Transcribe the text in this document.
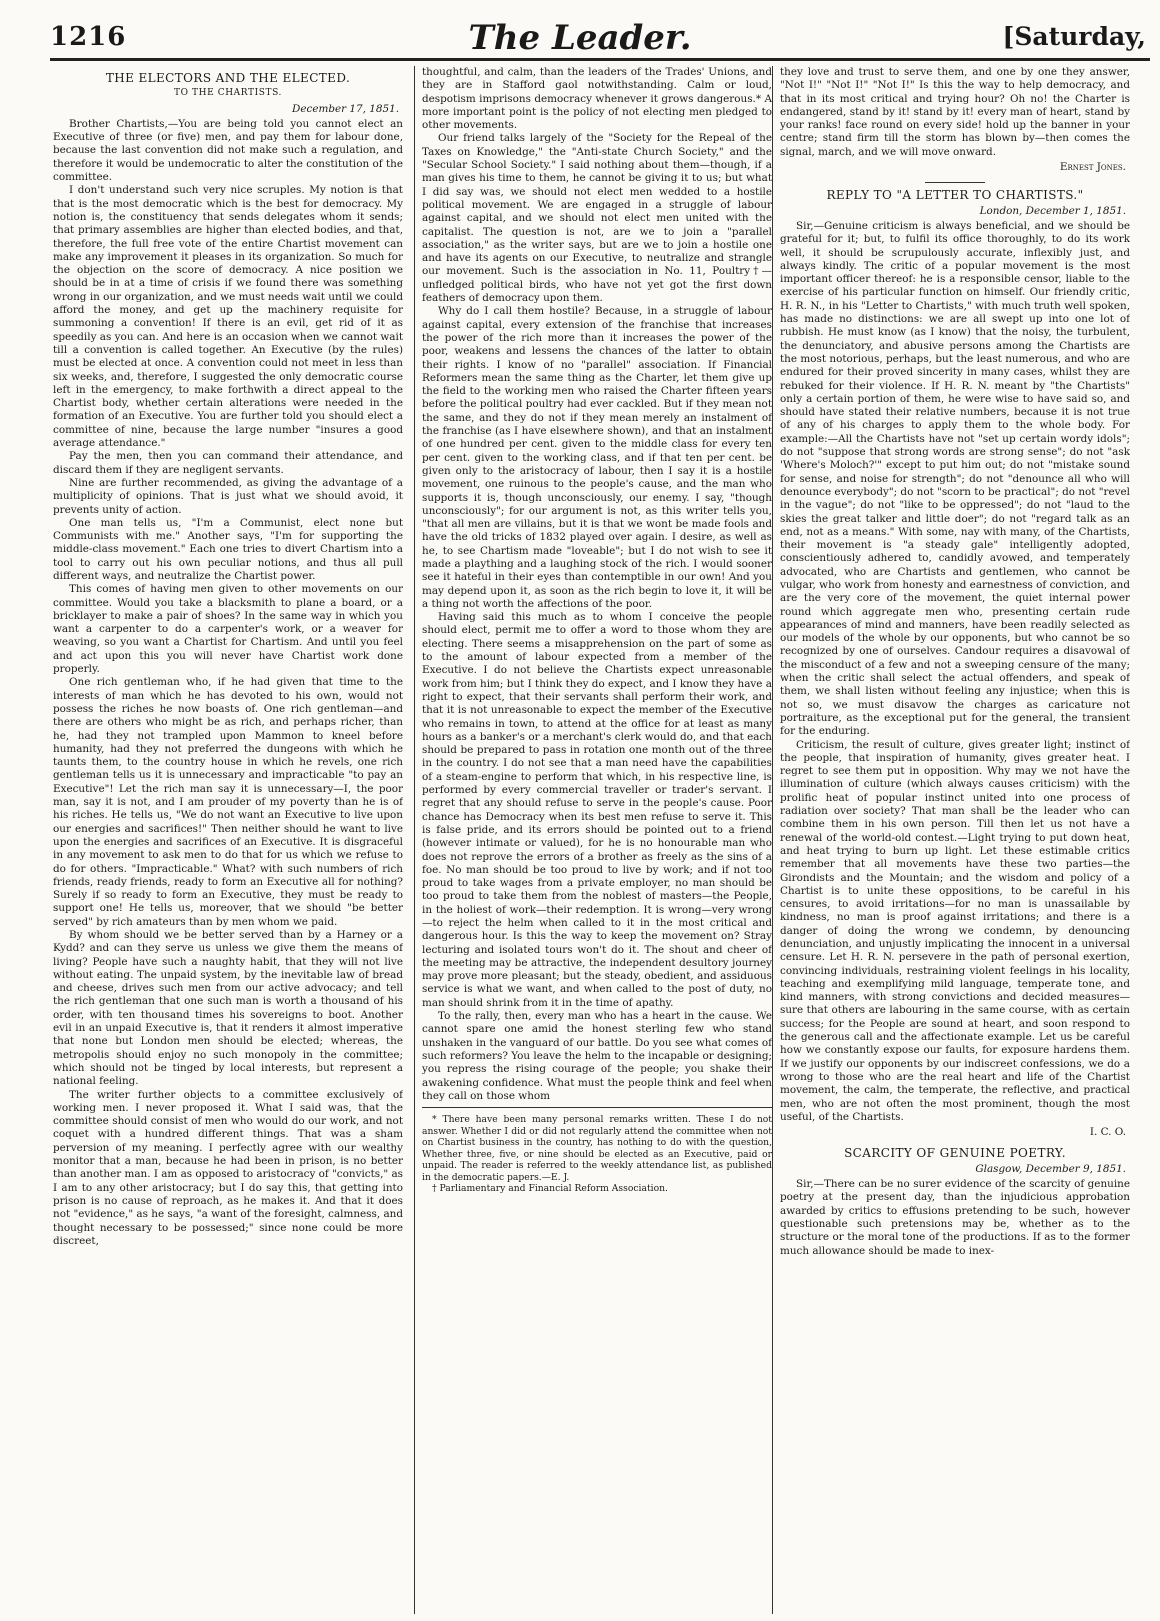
1216	The Leader.	[Saturday,
THE ELECTORS AND THE ELECTED.
TO THE CHARTISTS.
December 17, 1851.

Brother Chartists,—You are being told you cannot elect an Executive of three (or five) men, and pay them for labour done, because the last convention did not make such a regulation, and therefore it would be undemocratic to alter the constitution of the committee.

I don't understand such very nice scruples. My notion is that that is the most democratic which is the best for democracy. My notion is, the constituency that sends delegates whom it sends; that primary assemblies are higher than elected bodies, and that, therefore, the full free vote of the entire Chartist movement can make any improvement it pleases in its organization. So much for the objection on the score of democracy. A nice position we should be in at a time of crisis if we found there was something wrong in our organization, and we must needs wait until we could afford the money, and get up the machinery requisite for summoning a convention! If there is an evil, get rid of it as speedily as you can. And here is an occasion when we cannot wait till a convention is called together. An Executive (by the rules) must be elected at once. A convention could not meet in less than six weeks, and, therefore, I suggested the only democratic course left in the emergency, to make forthwith a direct appeal to the Chartist body, whether certain alterations were needed in the formation of an Executive. You are further told you should elect a committee of nine, because the large number "insures a good average attendance."

Pay the men, then you can command their attendance, and discard them if they are negligent servants.

Nine are further recommended, as giving the advantage of a multiplicity of opinions. That is just what we should avoid, it prevents unity of action.

One man tells us, "I'm a Communist, elect none but Communists with me." Another says, "I'm for supporting the middle-class movement." Each one tries to divert Chartism into a tool to carry out his own peculiar notions, and thus all pull different ways, and neutralize the Chartist power.

This comes of having men given to other movements on our committee. Would you take a blacksmith to plane a board, or a bricklayer to make a pair of shoes? In the same way in which you want a carpenter to do a carpenter's work, or a weaver for weaving, so you want a Chartist for Chartism. And until you feel and act upon this you will never have Chartist work done properly.

One rich gentleman who, if he had given that time to the interests of man which he has devoted to his own, would not possess the riches he now boasts of. One rich gentleman—and there are others who might be as rich, and perhaps richer, than he, had they not trampled upon Mammon to kneel before humanity, had they not preferred the dungeons with which he taunts them, to the country house in which he revels, one rich gentleman tells us it is unnecessary and impracticable "to pay an Executive"! Let the rich man say it is unnecessary—I, the poor man, say it is not, and I am prouder of my poverty than he is of his riches. He tells us, "We do not want an Executive to live upon our energies and sacrifices!" Then neither should he want to live upon the energies and sacrifices of an Executive. It is disgraceful in any movement to ask men to do that for us which we refuse to do for others. "Impracticable." What? with such numbers of rich friends, ready friends, ready to form an Executive all for nothing? Surely if so ready to form an Executive, they must be ready to support one! He tells us, moreover, that we should "be better served" by rich amateurs than by men whom we paid.

By whom should we be better served than by a Harney or a Kydd? and can they serve us unless we give them the means of living? People have such a naughty habit, that they will not live without eating. The unpaid system, by the inevitable law of bread and cheese, drives such men from our active advocacy; and tell the rich gentleman that one such man is worth a thousand of his order, with ten thousand times his sovereigns to boot. Another evil in an unpaid Executive is, that it renders it almost imperative that none but London men should be elected; whereas, the metropolis should enjoy no such monopoly in the committee; which should not be tinged by local interests, but represent a national feeling.

The writer further objects to a committee exclusively of working men. I never proposed it. What I said was, that the committee should consist of men who would do our work, and not coquet with a hundred different things. That was a sham perversion of my meaning. I perfectly agree with our wealthy monitor that a man, because he had been in prison, is no better than another man. I am as opposed to aristocracy of "convicts," as I am to any other aristocracy; but I do say this, that getting into prison is no cause of reproach, as he makes it. And that it does not "evidence," as he says, "a want of the foresight, calmness, and thought necessary to be possessed;" since none could be more discreet,

thoughtful, and calm, than the leaders of the Trades' Unions, and they are in Stafford gaol notwithstanding. Calm or loud, despotism imprisons democracy whenever it grows dangerous.* A more important point is the policy of not electing men pledged to other movements.

Our friend talks largely of the "Society for the Repeal of the Taxes on Knowledge," the "Anti-state Church Society," and the "Secular School Society." I said nothing about them—though, if a man gives his time to them, he cannot be giving it to us; but what I did say was, we should not elect men wedded to a hostile political movement. We are engaged in a struggle of labour against capital, and we should not elect men united with the capitalist. The question is not, are we to join a "parallel association," as the writer says, but are we to join a hostile one and have its agents on our Executive, to neutralize and strangle our movement. Such is the association in No. 11, Poultry†—unfledged political birds, who have not yet got the first down feathers of democracy upon them.

Why do I call them hostile? Because, in a struggle of labour against capital, every extension of the franchise that increases the power of the rich more than it increases the power of the poor, weakens and lessens the chances of the latter to obtain their rights. I know of no "parallel" association. If Financial Reformers mean the same thing as the Charter, let them give up the field to the working men who raised the Charter fifteen years before the political poultry had ever cackled. But if they mean not the same, and they do not if they mean merely an instalment of the franchise (as I have elsewhere shown), and that an instalment of one hundred per cent. given to the middle class for every ten per cent. given to the working class, and if that ten per cent. be given only to the aristocracy of labour, then I say it is a hostile movement, one ruinous to the people's cause, and the man who supports it is, though unconsciously, our enemy. I say, "though unconsciously"; for our argument is not, as this writer tells you, "that all men are villains, but it is that we wont be made fools and have the old tricks of 1832 played over again. I desire, as well as he, to see Chartism made "loveable"; but I do not wish to see it made a plaything and a laughing stock of the rich. I would sooner see it hateful in their eyes than contemptible in our own! And you may depend upon it, as soon as the rich begin to love it, it will be a thing not worth the affections of the poor.

Having said this much as to whom I conceive the people should elect, permit me to offer a word to those whom they are electing. There seems a misapprehension on the part of some as to the amount of labour expected from a member of the Executive. I do not believe the Chartists expect unreasonable work from him; but I think they do expect, and I know they have a right to expect, that their servants shall perform their work, and that it is not unreasonable to expect the member of the Executive who remains in town, to attend at the office for at least as many hours as a banker's or a merchant's clerk would do, and that each should be prepared to pass in rotation one month out of the three in the country. I do not see that a man need have the capabilities of a steam-engine to perform that which, in his respective line, is performed by every commercial traveller or trader's servant. I regret that any should refuse to serve in the people's cause. Poor chance has Democracy when its best men refuse to serve it. This is false pride, and its errors should be pointed out to a friend (however intimate or valued), for he is no honourable man who does not reprove the errors of a brother as freely as the sins of a foe. No man should be too proud to live by work; and if not too proud to take wages from a private employer, no man should be too proud to take them from the noblest of masters—the People, in the holiest of work—their redemption. It is wrong—very wrong—to reject the helm when called to it in the most critical and dangerous hour. Is this the way to keep the movement on? Stray lecturing and isolated tours won't do it. The shout and cheer of the meeting may be attractive, the independent desultory journey may prove more pleasant; but the steady, obedient, and assiduous service is what we want, and when called to the post of duty, no man should shrink from it in the time of apathy.

To the rally, then, every man who has a heart in the cause. We cannot spare one amid the honest sterling few who stand unshaken in the vanguard of our battle. Do you see what comes of such reformers? You leave the helm to the incapable or designing; you repress the rising courage of the people; you shake their awakening confidence. What must the people think and feel when they call on those whom

* There have been many personal remarks written. These I do not answer. Whether I did or did not regularly attend the committee when not on Chartist business in the country, has nothing to do with the question, Whether three, five, or nine should be elected as an Executive, paid or unpaid. The reader is referred to the weekly attendance list, as published in the democratic papers.—E. J.

† Parliamentary and Financial Reform Association.

they love and trust to serve them, and one by one they answer, "Not I!" "Not I!" "Not I!" Is this the way to help democracy, and that in its most critical and trying hour? Oh no! the Charter is endangered, stand by it! stand by it! every man of heart, stand by your ranks! face round on every side! hold up the banner in your centre; stand firm till the storm has blown by—then comes the signal, march, and we will move onward.

Ernest Jones.
REPLY TO "A LETTER TO CHARTISTS."
London, December 1, 1851.

Sir,—Genuine criticism is always beneficial, and we should be grateful for it; but, to fulfil its office thoroughly, to do its work well, it should be scrupulously accurate, inflexibly just, and always kindly. The critic of a popular movement is the most important officer thereof: he is a responsible censor, liable to the exercise of his particular function on himself. Our friendly critic, H. R. N., in his "Letter to Chartists," with much truth well spoken, has made no distinctions: we are all swept up into one lot of rubbish. He must know (as I know) that the noisy, the turbulent, the denunciatory, and abusive persons among the Chartists are the most notorious, perhaps, but the least numerous, and who are endured for their proved sincerity in many cases, whilst they are rebuked for their violence. If H. R. N. meant by "the Chartists" only a certain portion of them, he were wise to have said so, and should have stated their relative numbers, because it is not true of any of his charges to apply them to the whole body. For example:—All the Chartists have not "set up certain wordy idols"; do not "suppose that strong words are strong sense"; do not "ask 'Where's Moloch?'" except to put him out; do not "mistake sound for sense, and noise for strength"; do not "denounce all who will denounce everybody"; do not "scorn to be practical"; do not "revel in the vague"; do not "like to be oppressed"; do not "laud to the skies the great talker and little doer"; do not "regard talk as an end, not as a means." With some, nay with many, of the Chartists, their movement is "a steady gale" intelligently adopted, conscientiously adhered to, candidly avowed, and temperately advocated, who are Chartists and gentlemen, who cannot be vulgar, who work from honesty and earnestness of conviction, and are the very core of the movement, the quiet internal power round which aggregate men who, presenting certain rude appearances of mind and manners, have been readily selected as our models of the whole by our opponents, but who cannot be so recognized by one of ourselves. Candour requires a disavowal of the misconduct of a few and not a sweeping censure of the many; when the critic shall select the actual offenders, and speak of them, we shall listen without feeling any injustice; when this is not so, we must disavow the charges as caricature not portraiture, as the exceptional put for the general, the transient for the enduring.

Criticism, the result of culture, gives greater light; instinct of the people, that inspiration of humanity, gives greater heat. I regret to see them put in opposition. Why may we not have the illumination of culture (which always causes criticism) with the prolific heat of popular instinct united into one process of radiation over society? That man shall be the leader who can combine them in his own person. Till then let us not have a renewal of the world-old contest.—Light trying to put down heat, and heat trying to burn up light. Let these estimable critics remember that all movements have these two parties—the Girondists and the Mountain; and the wisdom and policy of a Chartist is to unite these oppositions, to be careful in his censures, to avoid irritations—for no man is unassailable by kindness, no man is proof against irritations; and there is a danger of doing the wrong we condemn, by denouncing denunciation, and unjustly implicating the innocent in a universal censure. Let H. R. N. persevere in the path of personal exertion, convincing individuals, restraining violent feelings in his locality, teaching and exemplifying mild language, temperate tone, and kind manners, with strong convictions and decided measures—sure that others are labouring in the same course, with as certain success; for the People are sound at heart, and soon respond to the generous call and the affectionate example. Let us be careful how we constantly expose our faults, for exposure hardens them. If we justify our opponents by our indiscreet confessions, we do a wrong to those who are the real heart and life of the Chartist movement, the calm, the temperate, the reflective, and practical men, who are not often the most prominent, though the most useful, of the Chartists.

I. C. O.
SCARCITY OF GENUINE POETRY.
Glasgow, December 9, 1851.

Sir,—There can be no surer evidence of the scarcity of genuine poetry at the present day, than the injudicious approbation awarded by critics to effusions pretending to be such, however questionable such pretensions may be, whether as to the structure or the moral tone of the productions. If as to the former much allowance should be made to inex-
